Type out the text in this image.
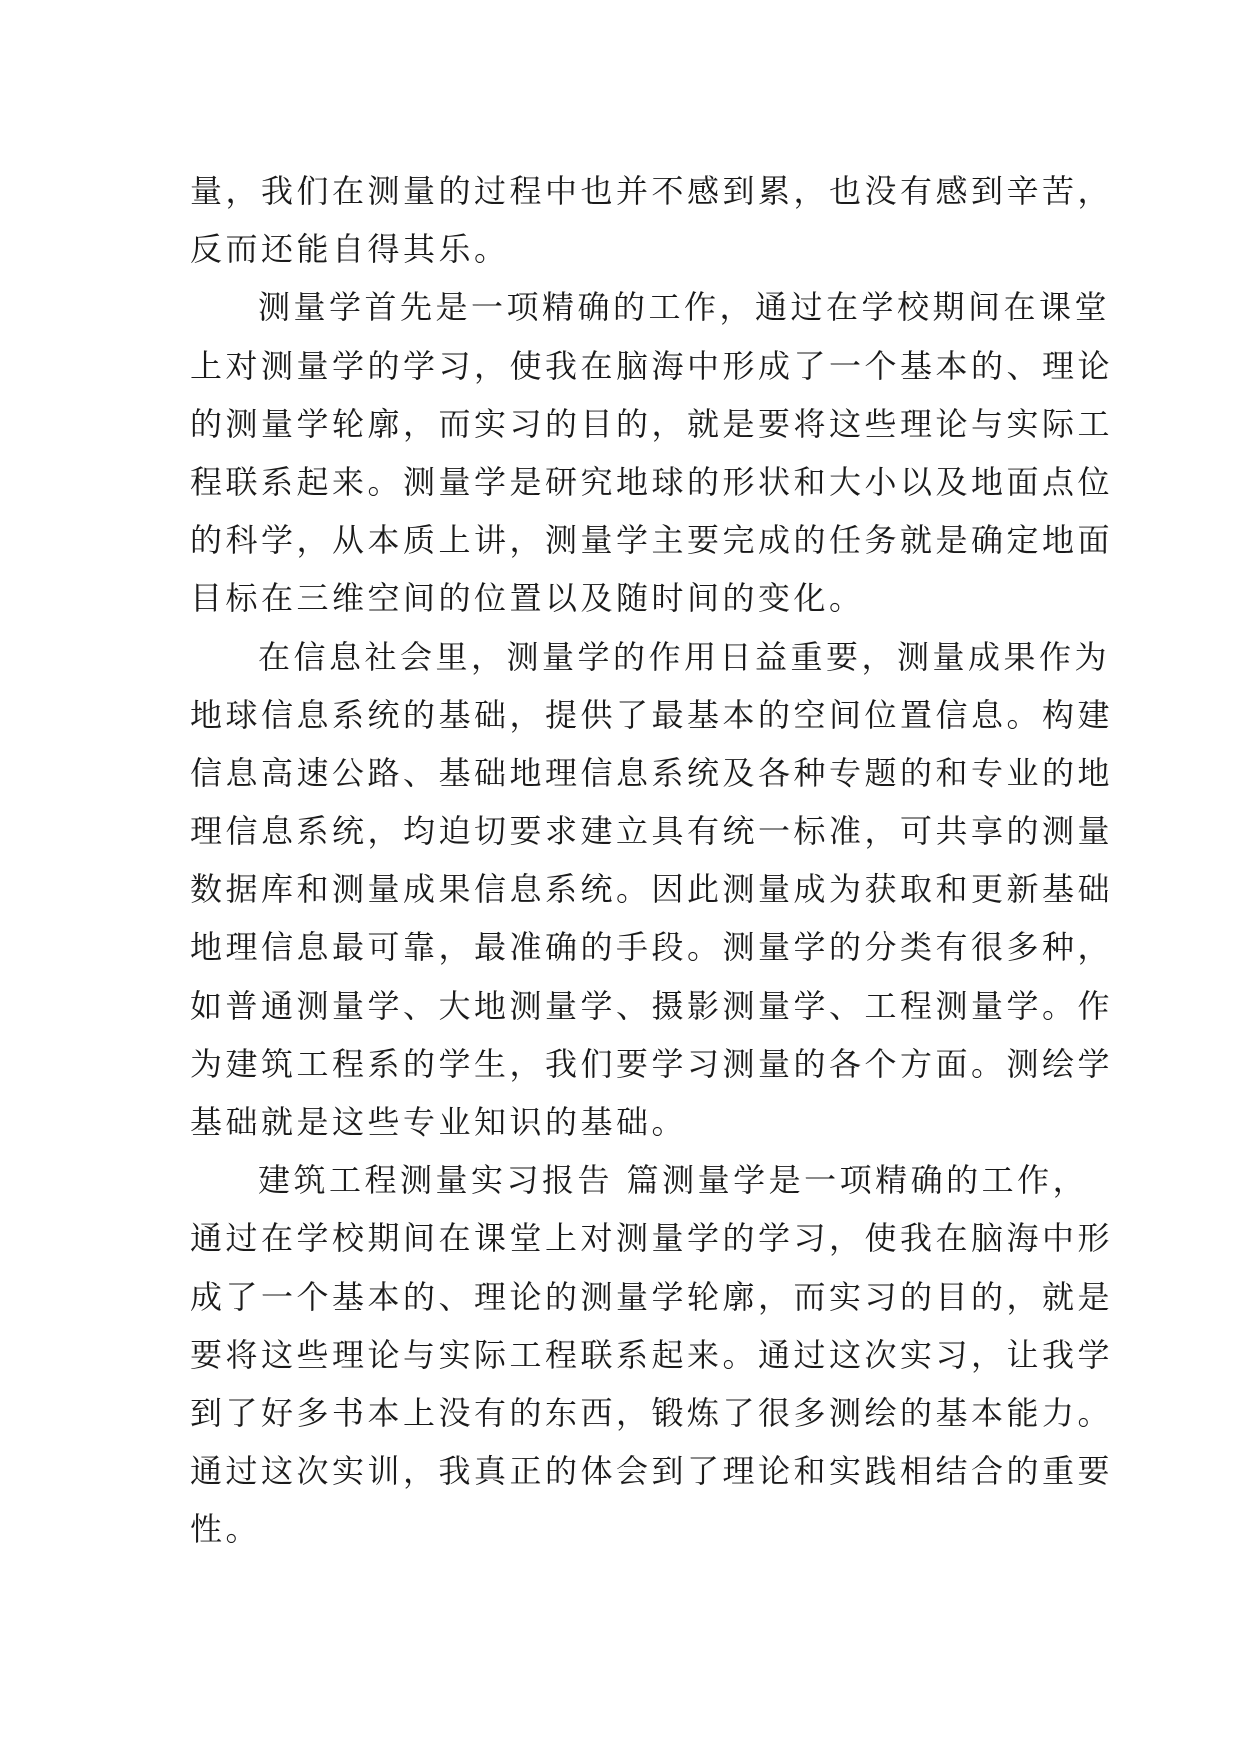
量，我们在测量的过程中也并不感到累，也没有感到辛苦，
反而还能自得其乐。
测量学首先是一项精确的工作，通过在学校期间在课堂
上对测量学的学习，使我在脑海中形成了一个基本的、理论
的测量学轮廓，而实习的目的，就是要将这些理论与实际工
程联系起来。测量学是研究地球的形状和大小以及地面点位
的科学，从本质上讲，测量学主要完成的任务就是确定地面
目标在三维空间的位置以及随时间的变化。
在信息社会里，测量学的作用日益重要，测量成果作为
地球信息系统的基础，提供了最基本的空间位置信息。构建
信息高速公路、基础地理信息系统及各种专题的和专业的地
理信息系统，均迫切要求建立具有统一标准，可共享的测量
数据库和测量成果信息系统。因此测量成为获取和更新基础
地理信息最可靠，最准确的手段。测量学的分类有很多种，
如普通测量学、大地测量学、摄影测量学、工程测量学。作
为建筑工程系的学生，我们要学习测量的各个方面。测绘学
基础就是这些专业知识的基础。
建筑工程测量实习报告 篇测量学是一项精确的工作，
通过在学校期间在课堂上对测量学的学习，使我在脑海中形
成了一个基本的、理论的测量学轮廓，而实习的目的，就是
要将这些理论与实际工程联系起来。通过这次实习，让我学
到了好多书本上没有的东西，锻炼了很多测绘的基本能力。
通过这次实训，我真正的体会到了理论和实践相结合的重要
性。
